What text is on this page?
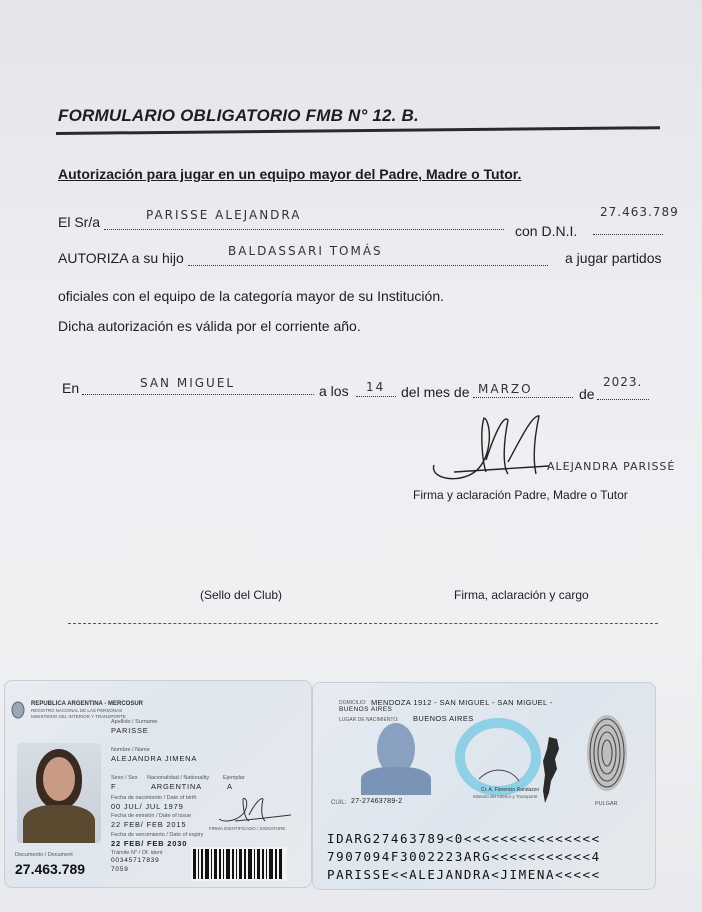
FORMULARIO OBLIGATORIO FMB N° 12. B.
Autorización para jugar en un equipo mayor del Padre, Madre o Tutor.
El Sr/a	PARISSE ALEJANDRA
con D.N.I.
27.463.789
AUTORIZA a su hijo	BALDASSARI TOMÁS	a jugar partidos
oficiales con el equipo de la categoría mayor de su Institución.
Dicha autorización es válida por el corriente año.
En	SAN MIGUEL	a los 14 del mes de MARZO	de
2023.
ALEJANDRA PARISSÉ
Firma y aclaración Padre, Madre o Tutor
(Sello del Club)	Firma, aclaración y cargo
REPUBLICA ARGENTINA - MERCOSUR
REGISTRO NACIONAL DE LAS PERSONAS
MINISTERIO DEL INTERIOR Y TRANSPORTE
Apellido / Surname
PARISSE
Nombre / Name
ALEJANDRA JIMENA
Sexo / Sex
F
Nacionalidad / Nationality
ARGENTINA
Ejemplar
A
Fecha de nacimiento / Date of birth
00 JUL/ JUL 1979
Fecha de emisión / Date of issue
22 FEB/ FEB 2015	FIRMA IDENTIFICADO / SIGNATURE
Fecha de vencimiento / Date of expiry
22 FEB/ FEB 2030
Documento / Document
27.463.789
Trámite N° / Of. ident
00345717839
7059
DOMICILIO: MENDOZA 1912 - SAN MIGUEL - SAN MIGUEL -
BUENOS AIRES
LUGAR DE NACIMIENTO: BUENOS AIRES
Cr. A. Florencio Randazzo
Ministro del Interior y Transporte
PULGAR
CUIL: 27-27463789-2
IDARG27463789<0<<<<<<<<<<<<<<<
7907094F3002223ARG<<<<<<<<<<<4
PARISSE<<ALEJANDRA<JIMENA<<<<<
